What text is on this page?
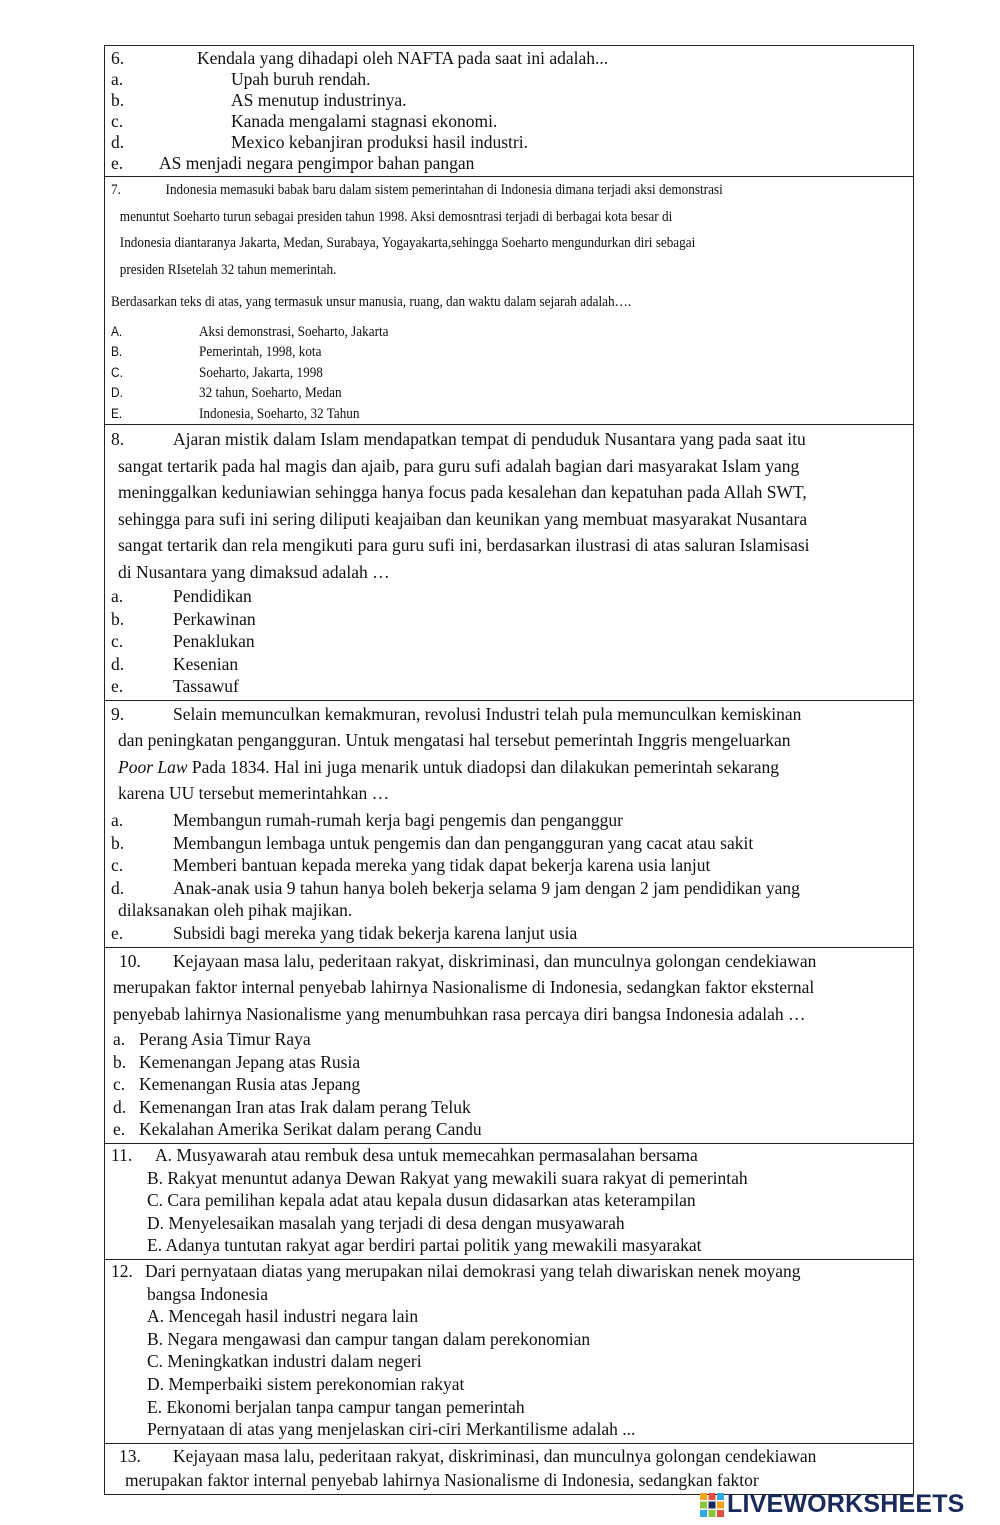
6.	Kendala yang dihadapi oleh NAFTA pada saat ini adalah...
a.	Upah buruh rendah.
b.	AS menutup industrinya.
c.	Kanada mengalami stagnasi ekonomi.
d.	Mexico kebanjiran produksi hasil industri.
e.	AS menjadi negara pengimpor bahan pangan
7.	Indonesia memasuki babak baru dalam sistem pemerintahan di Indonesia dimana terjadi aksi demonstrasi
menuntut Soeharto turun sebagai presiden tahun 1998. Aksi demosntrasi terjadi di berbagai kota besar di
Indonesia diantaranya Jakarta, Medan, Surabaya, Yogayakarta,sehingga Soeharto mengundurkan diri sebagai
presiden RIsetelah 32 tahun memerintah.
Berdasarkan teks di atas, yang termasuk unsur manusia, ruang, dan waktu dalam sejarah adalah….
A.	Aksi demonstrasi, Soeharto, Jakarta
B.	Pemerintah, 1998, kota
C.	Soeharto, Jakarta, 1998
D.	32 tahun, Soeharto, Medan
E.	Indonesia, Soeharto, 32 Tahun
8.	Ajaran mistik dalam Islam mendapatkan tempat di penduduk Nusantara yang pada saat itu
sangat tertarik pada hal magis dan ajaib, para guru sufi adalah bagian dari masyarakat Islam yang
meninggalkan keduniawian sehingga hanya focus pada kesalehan dan kepatuhan pada Allah SWT,
sehingga para sufi ini sering diliputi keajaiban dan keunikan yang membuat masyarakat Nusantara
sangat tertarik dan rela mengikuti para guru sufi ini, berdasarkan ilustrasi di atas saluran Islamisasi
di Nusantara yang dimaksud adalah …
a.	Pendidikan
b.	Perkawinan
c.	Penaklukan
d.	Kesenian
e.	Tassawuf
9.	Selain memunculkan kemakmuran, revolusi Industri telah pula memunculkan kemiskinan
dan peningkatan pengangguran. Untuk mengatasi hal tersebut pemerintah Inggris mengeluarkan
Poor Law Pada 1834. Hal ini juga menarik untuk diadopsi dan dilakukan pemerintah sekarang
karena UU tersebut memerintahkan …
a.	Membangun rumah-rumah kerja bagi pengemis dan penganggur
b.	Membangun lembaga untuk pengemis dan dan pengangguran yang cacat atau sakit
c.	Memberi bantuan kepada mereka yang tidak dapat bekerja karena usia lanjut
d.	Anak-anak usia 9 tahun hanya boleh bekerja selama 9 jam dengan 2 jam pendidikan yang
dilaksanakan oleh pihak majikan.
e.	Subsidi bagi mereka yang tidak bekerja karena lanjut usia
10. Kejayaan masa lalu, pederitaan rakyat, diskriminasi, dan munculnya golongan cendekiawan
merupakan faktor internal penyebab lahirnya Nasionalisme di Indonesia, sedangkan faktor eksternal
penyebab lahirnya Nasionalisme yang menumbuhkan rasa percaya diri bangsa Indonesia adalah …
a. Perang Asia Timur Raya
b. Kemenangan Jepang atas Rusia
c. Kemenangan Rusia atas Jepang
d. Kemenangan Iran atas Irak dalam perang Teluk
e. Kekalahan Amerika Serikat dalam perang Candu
11.	A. Musyawarah atau rembuk desa untuk memecahkan permasalahan bersama
B. Rakyat menuntut adanya Dewan Rakyat yang mewakili suara rakyat di pemerintah
C. Cara pemilihan kepala adat atau kepala dusun didasarkan atas keterampilan
D. Menyelesaikan masalah yang terjadi di desa dengan musyawarah
E. Adanya tuntutan rakyat agar berdiri partai politik yang mewakili masyarakat
12. Dari pernyataan diatas yang merupakan nilai demokrasi yang telah diwariskan nenek moyang
bangsa Indonesia
A. Mencegah hasil industri negara lain
B. Negara mengawasi dan campur tangan dalam perekonomian
C. Meningkatkan industri dalam negeri
D. Memperbaiki sistem perekonomian rakyat
E. Ekonomi berjalan tanpa campur tangan pemerintah
Pernyataan di atas yang menjelaskan ciri-ciri Merkantilisme adalah ...
13. Kejayaan masa lalu, pederitaan rakyat, diskriminasi, dan munculnya golongan cendekiawan
merupakan faktor internal penyebab lahirnya Nasionalisme di Indonesia, sedangkan faktor
LIVEWORKSHEETS
